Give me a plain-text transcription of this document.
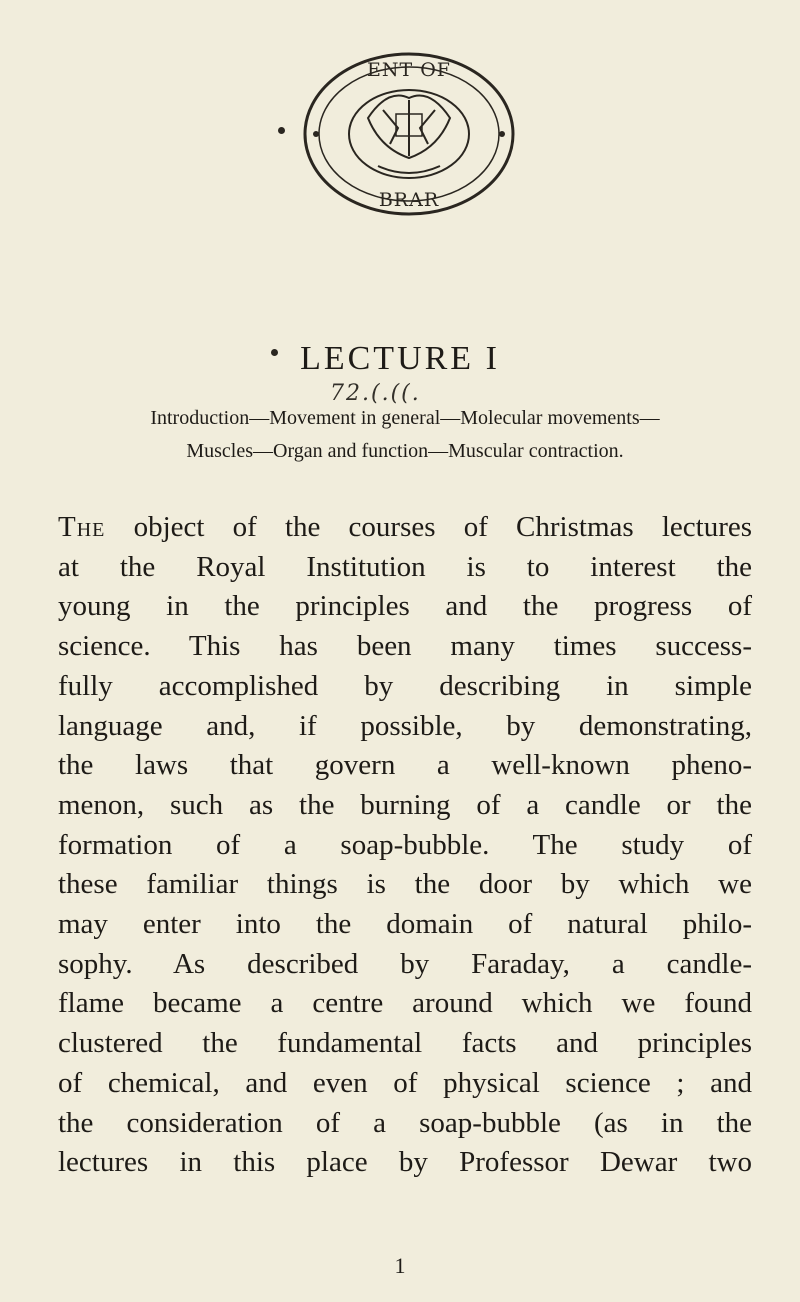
ENT OF
BRAR
LECTURE I
72.(.((.
Introduction—Movement in general—Molecular movements—
Muscles—Organ and function—Muscular contraction.
The object of the courses of Christmas lectures
at the Royal Institution is to interest the
young in the principles and the progress of
science. This has been many times success-
fully accomplished by describing in simple
language and, if possible, by demonstrating,
the laws that govern a well-known pheno-
menon, such as the burning of a candle or the
formation of a soap-bubble. The study of
these familiar things is the door by which we
may enter into the domain of natural philo-
sophy. As described by Faraday, a candle-
flame became a centre around which we found
clustered the fundamental facts and principles
of chemical, and even of physical science ; and
the consideration of a soap-bubble (as in the
lectures in this place by Professor Dewar two
1
